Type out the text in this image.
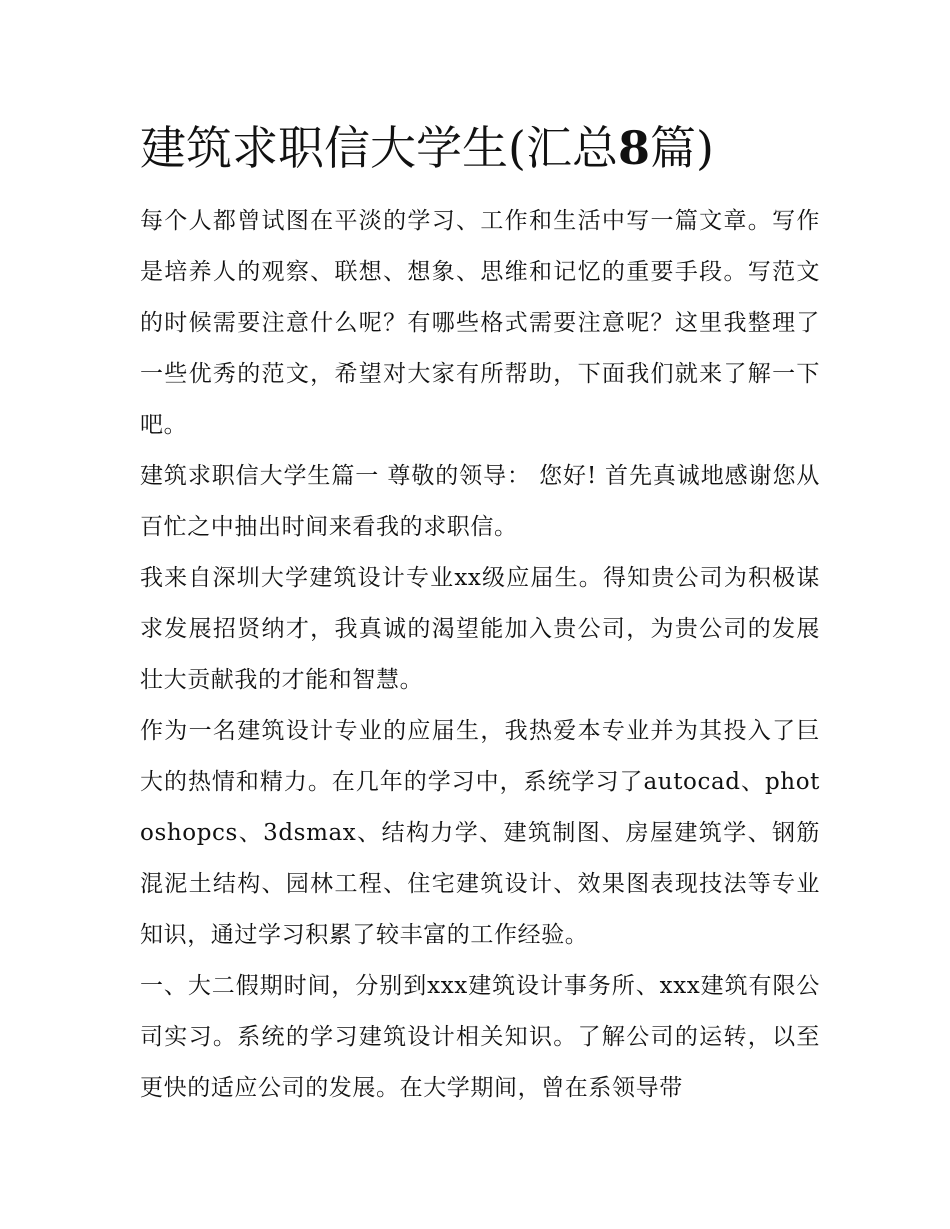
建筑求职信大学生(汇总8篇)

每个人都曾试图在平淡的学习、工作和生活中写一篇文章。写作是培养人的观察、联想、想象、思维和记忆的重要手段。写范文的时候需要注意什么呢？有哪些格式需要注意呢？这里我整理了一些优秀的范文，希望对大家有所帮助，下面我们就来了解一下吧。

建筑求职信大学生篇一 尊敬的领导： 您好! 首先真诚地感谢您从百忙之中抽出时间来看我的求职信。

我来自深圳大学建筑设计专业xx级应届生。得知贵公司为积极谋求发展招贤纳才，我真诚的渴望能加入贵公司，为贵公司的发展壮大贡献我的才能和智慧。

作为一名建筑设计专业的应届生，我热爱本专业并为其投入了巨大的热情和精力。在几年的学习中，系统学习了autocad、photoshopcs、3dsmax、结构力学、建筑制图、房屋建筑学、钢筋混泥土结构、园林工程、住宅建筑设计、效果图表现技法等专业知识，通过学习积累了较丰富的工作经验。

一、大二假期时间，分别到xxx建筑设计事务所、xxx建筑有限公司实习。系统的学习建筑设计相关知识。了解公司的运转，以至更快的适应公司的发展。在大学期间，曾在系领导带
